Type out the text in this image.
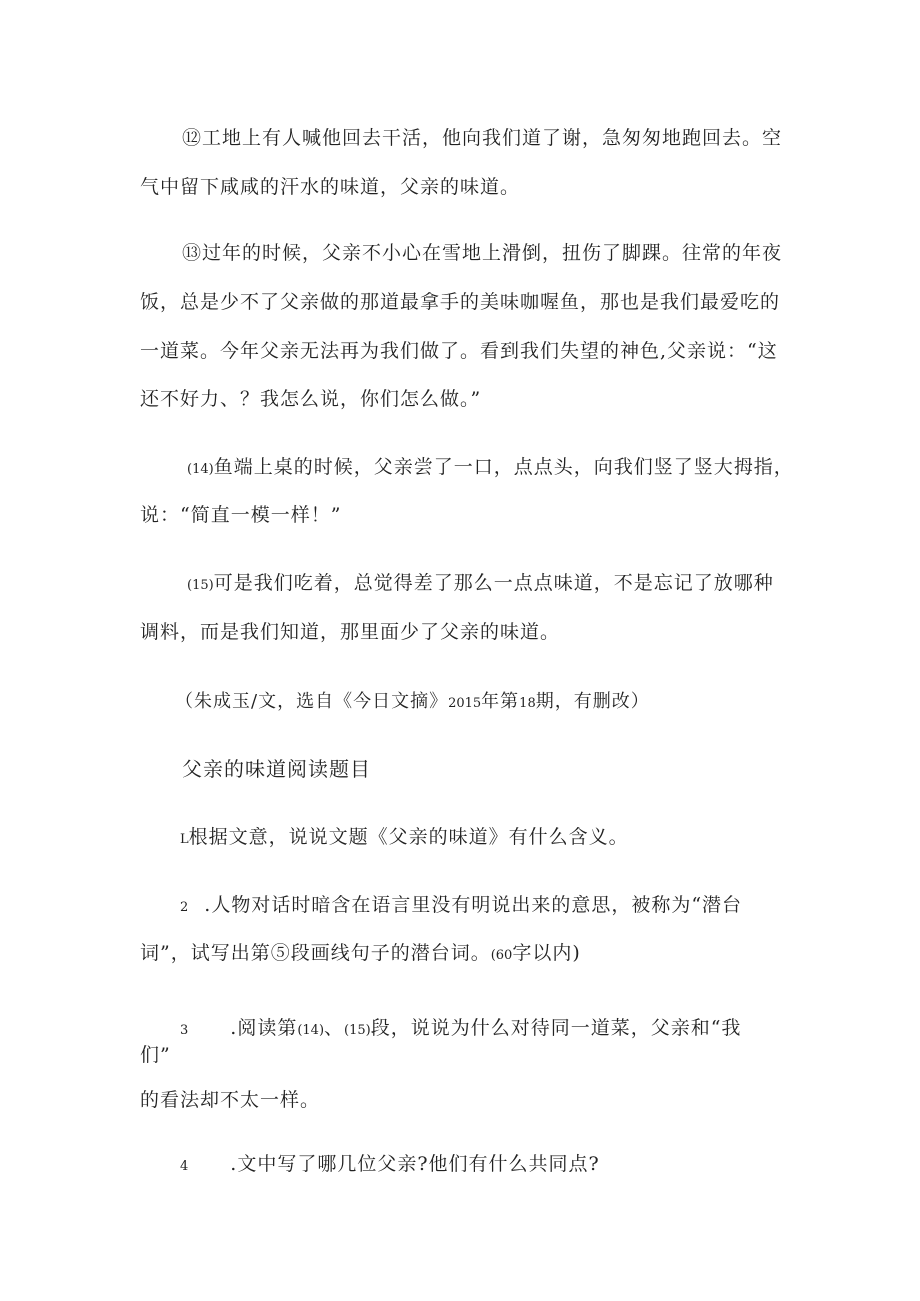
⑫工地上有人喊他回去干活，他向我们道了谢，急匆匆地跑回去。空
气中留下咸咸的汗水的味道，父亲的味道。
⑬过年的时候，父亲不小心在雪地上滑倒，扭伤了脚踝。往常的年夜
饭，总是少不了父亲做的那道最拿手的美味咖喔鱼，那也是我们最爱吃的
一道菜。今年父亲无法再为我们做了。看到我们失望的神色,父亲说：“这
还不好力、？我怎么说，你们怎么做。”
(14)鱼端上桌的时候，父亲尝了一口，点点头，向我们竖了竖大拇指，
说：“简直一模一样！”
(15)可是我们吃着，总觉得差了那么一点点味道，不是忘记了放哪种
调料，而是我们知道，那里面少了父亲的味道。
（朱成玉/文，选自《今日文摘》2015年第18期，有删改）
父亲的味道阅读题目
L根据文意，说说文题《父亲的味道》有什么含义。
2 .人物对话时暗含在语言里没有明说出来的意思，被称为“潜台
词”，试写出第⑤段画线句子的潜台词。(60字以内)
3 .阅读第(14)、(15)段，说说为什么对待同一道菜，父亲和“我
们”
的看法却不太一样。
4 .文中写了哪几位父亲?他们有什么共同点?
